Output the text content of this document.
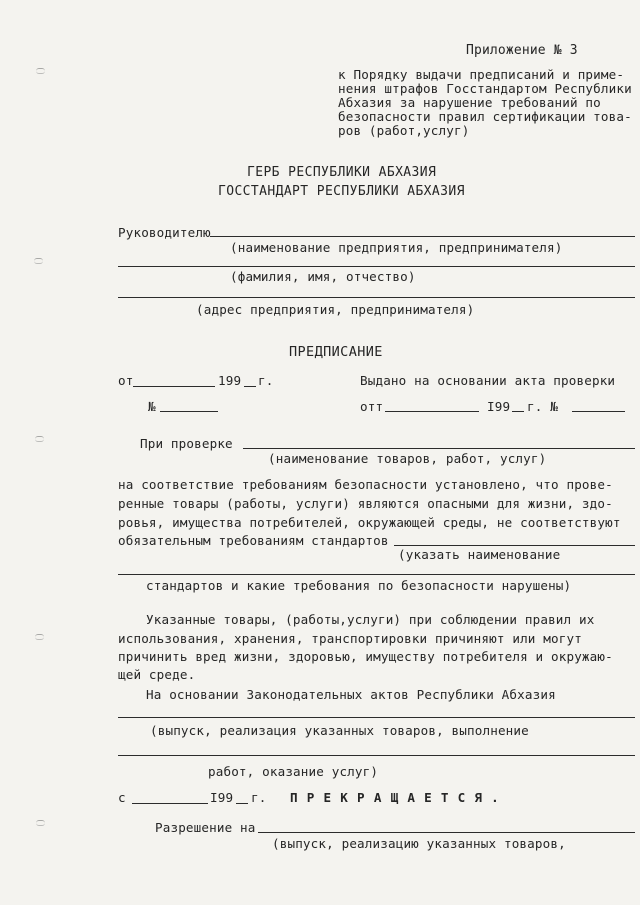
Приложение № 3
к Порядку выдачи предписаний и приме-
нения штрафов Госстандартом Республики
Абхазия за нарушение требований по
безопасности правил сертификации това-
ров (работ,услуг)
ГЕРБ РЕСПУБЛИКИ АБХАЗИЯ
ГОССТАНДАРТ РЕСПУБЛИКИ АБХАЗИЯ
Руководителю
(наименование предприятия, предпринимателя)
(фамилия, имя, отчество)
(адрес предприятия, предпринимателя)
ПРЕДПИСАНИЕ
от	199 г.	Выдано на основании акта проверки
№	отт	I99 г. №
При проверке
(наименование товаров, работ, услуг)
на соответствие требованиям безопасности установлено, что прове-
ренные товары (работы, услуги) являются опасными для жизни, здо-
ровья, имущества потребителей, окружающей среды, не соответствуют
обязательным требованиям стандартов
(указать наименование
стандартов и какие требования по безопасности нарушены)
Указанные товары, (работы,услуги) при соблюдении правил их
использования, хранения, транспортировки причиняют или могут
причинить вред жизни, здоровью, имуществу потребителя и окружаю-
щей среде.
На основании Законодательных актов Республики Абхазия
(выпуск, реализация указанных товаров, выполнение
работ, оказание услуг)
с	I99 г. П Р Е К Р А Щ А Е Т С Я .
Разрешение на
(выпуск, реализацию указанных товаров,
